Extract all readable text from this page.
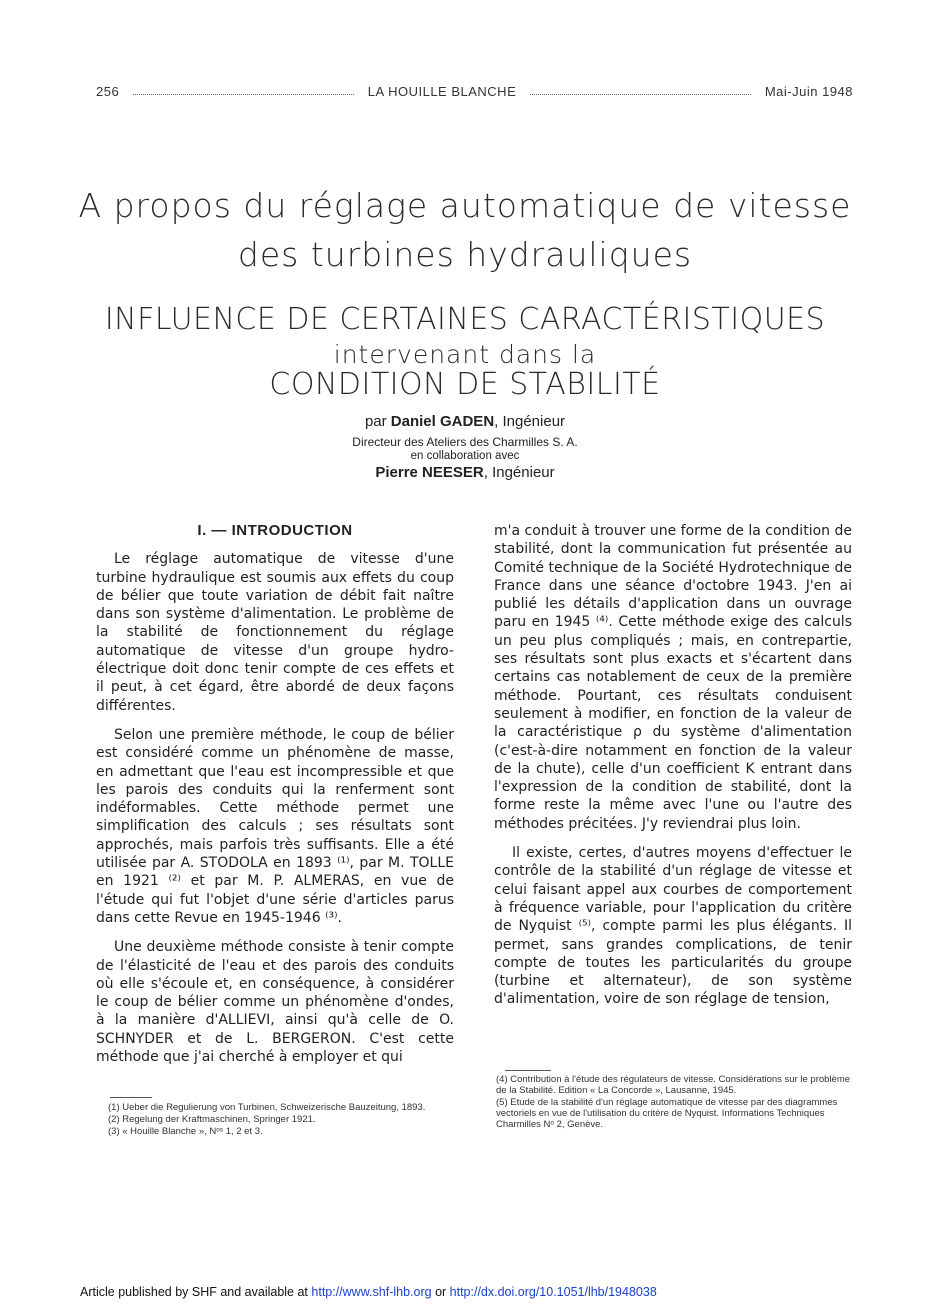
256	LA HOUILLE BLANCHE	Mai-Juin 1948
A propos du réglage automatique de vitesse
des turbines hydrauliques
INFLUENCE DE CERTAINES CARACTÉRISTIQUES
intervenant dans la
CONDITION DE STABILITÉ
par Daniel GADEN, Ingénieur
Directeur des Ateliers des Charmilles S. A.
en collaboration avec
Pierre NEESER, Ingénieur
I. — INTRODUCTION

Le réglage automatique de vitesse d'une turbine hydraulique est soumis aux effets du coup de bélier que toute variation de débit fait naître dans son système d'alimentation. Le problème de la stabilité de fonctionnement du réglage automatique de vitesse d'un groupe hydro-électrique doit donc tenir compte de ces effets et il peut, à cet égard, être abordé de deux façons différentes.

Selon une première méthode, le coup de bélier est considéré comme un phénomène de masse, en admettant que l'eau est incompressible et que les parois des conduits qui la renferment sont indéformables. Cette méthode permet une simplification des calculs ; ses résultats sont approchés, mais parfois très suffisants. Elle a été utilisée par A. STODOLA en 1893 ⁽¹⁾, par M. TOLLE en 1921 ⁽²⁾ et par M. P. ALMERAS, en vue de l'étude qui fut l'objet d'une série d'articles parus dans cette Revue en 1945-1946 ⁽³⁾.

Une deuxième méthode consiste à tenir compte de l'élasticité de l'eau et des parois des conduits où elle s'écoule et, en conséquence, à considérer le coup de bélier comme un phénomène d'ondes, à la manière d'ALLIEVI, ainsi qu'à celle de O. SCHNYDER et de L. BERGERON. C'est cette méthode que j'ai cherché à employer et qui

m'a conduit à trouver une forme de la condition de stabilité, dont la communication fut présentée au Comité technique de la Société Hydrotechnique de France dans une séance d'octobre 1943. J'en ai publié les détails d'application dans un ouvrage paru en 1945 ⁽⁴⁾. Cette méthode exige des calculs un peu plus compliqués ; mais, en contrepartie, ses résultats sont plus exacts et s'écartent dans certains cas notablement de ceux de la première méthode. Pourtant, ces résultats conduisent seulement à modifier, en fonction de la valeur de la caractéristique ρ du système d'alimentation (c'est-à-dire notamment en fonction de la valeur de la chute), celle d'un coefficient K entrant dans l'expression de la condition de stabilité, dont la forme reste la même avec l'une ou l'autre des méthodes précitées. J'y reviendrai plus loin.

Il existe, certes, d'autres moyens d'effectuer le contrôle de la stabilité d'un réglage de vitesse et celui faisant appel aux courbes de comportement à fréquence variable, pour l'application du critère de Nyquist ⁽⁵⁾, compte parmi les plus élégants. Il permet, sans grandes complications, de tenir compte de toutes les particularités du groupe (turbine et alternateur), de son système d'alimentation, voire de son réglage de tension,

(1) Ueber die Regulierung von Turbinen, Schweizerische Bauzeitung, 1893.
(2) Regelung der Kraftmaschinen, Springer 1921.
(3) « Houille Blanche », Nᵒˢ 1, 2 et 3.
(4) Contribution à l'étude des régulateurs de vitesse. Considérations sur le problème de la Stabilité. Edition « La Concorde », Lausanne, 1945.
(5) Etude de la stabilité d'un réglage automatique de vitesse par des diagrammes vectoriels en vue de l'utilisation du critère de Nyquist. Informations Techniques Charmilles Nᵒ 2, Genève.
Article published by SHF and available at http://www.shf-lhb.org or http://dx.doi.org/10.1051/lhb/1948038
